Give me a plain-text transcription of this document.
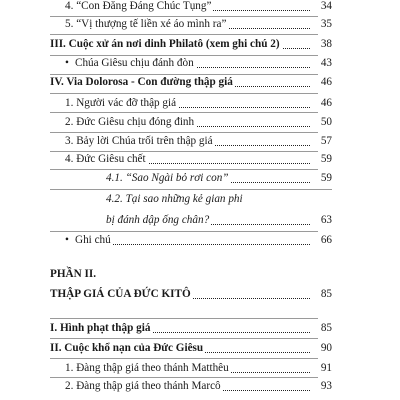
4. “Con Đăng Đáng Chúc Tụng”	34
5. “Vị thượng tế liền xé áo mình ra”	35
III. Cuộc xử án nơi dinh Philatô (xem ghi chú 2)	38
• Chúa Giêsu chịu đánh đòn	43
IV. Via Dolorosa - Con đường thập giá	46
1. Người vác đỡ thập giá	46
2. Đức Giêsu chịu đóng đinh	50
3. Bảy lời Chúa trối trên thập giá	57
4. Đức Giêsu chết	59
4.1. “Sao Ngài bỏ rơi con”	59
4.2. Tại sao những kẻ gian phi
bị đánh dập ống chân?	63
• Ghi chú	66
PHẦN II.
THẬP GIÁ CỦA ĐỨC KITÔ	85
I. Hình phạt thập giá	85
II. Cuộc khổ nạn của Đức Giêsu	90
1. Đàng thập giá theo thánh Matthêu	91
2. Đàng thập giá theo thánh Marcô	93
